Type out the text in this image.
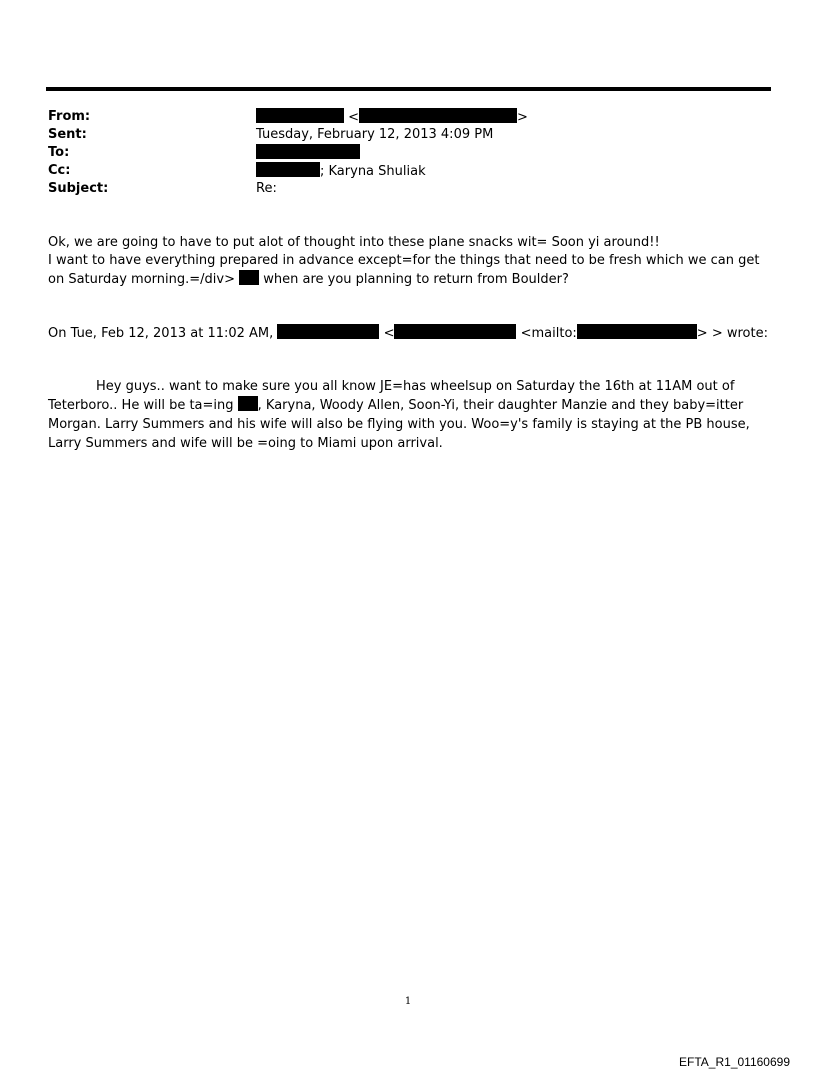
From:	<	>
Sent:	Tuesday, February 12, 2013 4:09 PM
To:
Cc:	; Karyna Shuliak
Subject:	Re:

Ok, we are going to have to put alot of thought into these plane snacks wit= Soon yi around!!

I want to have everything prepared in advance except=for the things that need to be fresh which we can get on Saturday morning.=/div> when are you planning to return from Boulder?

On Tue, Feb 12, 2013 at 11:02 AM,	<	<mailto:	> > wrote:
Hey guys.. want to make sure you all know JE=has wheelsup on Saturday the 16th at 11AM out of Teterboro.. He will be ta=ing , Karyna, Woody Allen, Soon-Yi, their daughter Manzie and they baby=itter Morgan. Larry Summers and his wife will also be flying with you. Woo=y's family is staying at the PB house, Larry Summers and wife will be =oing to Miami upon arrival.
1
EFTA_R1_01160699
